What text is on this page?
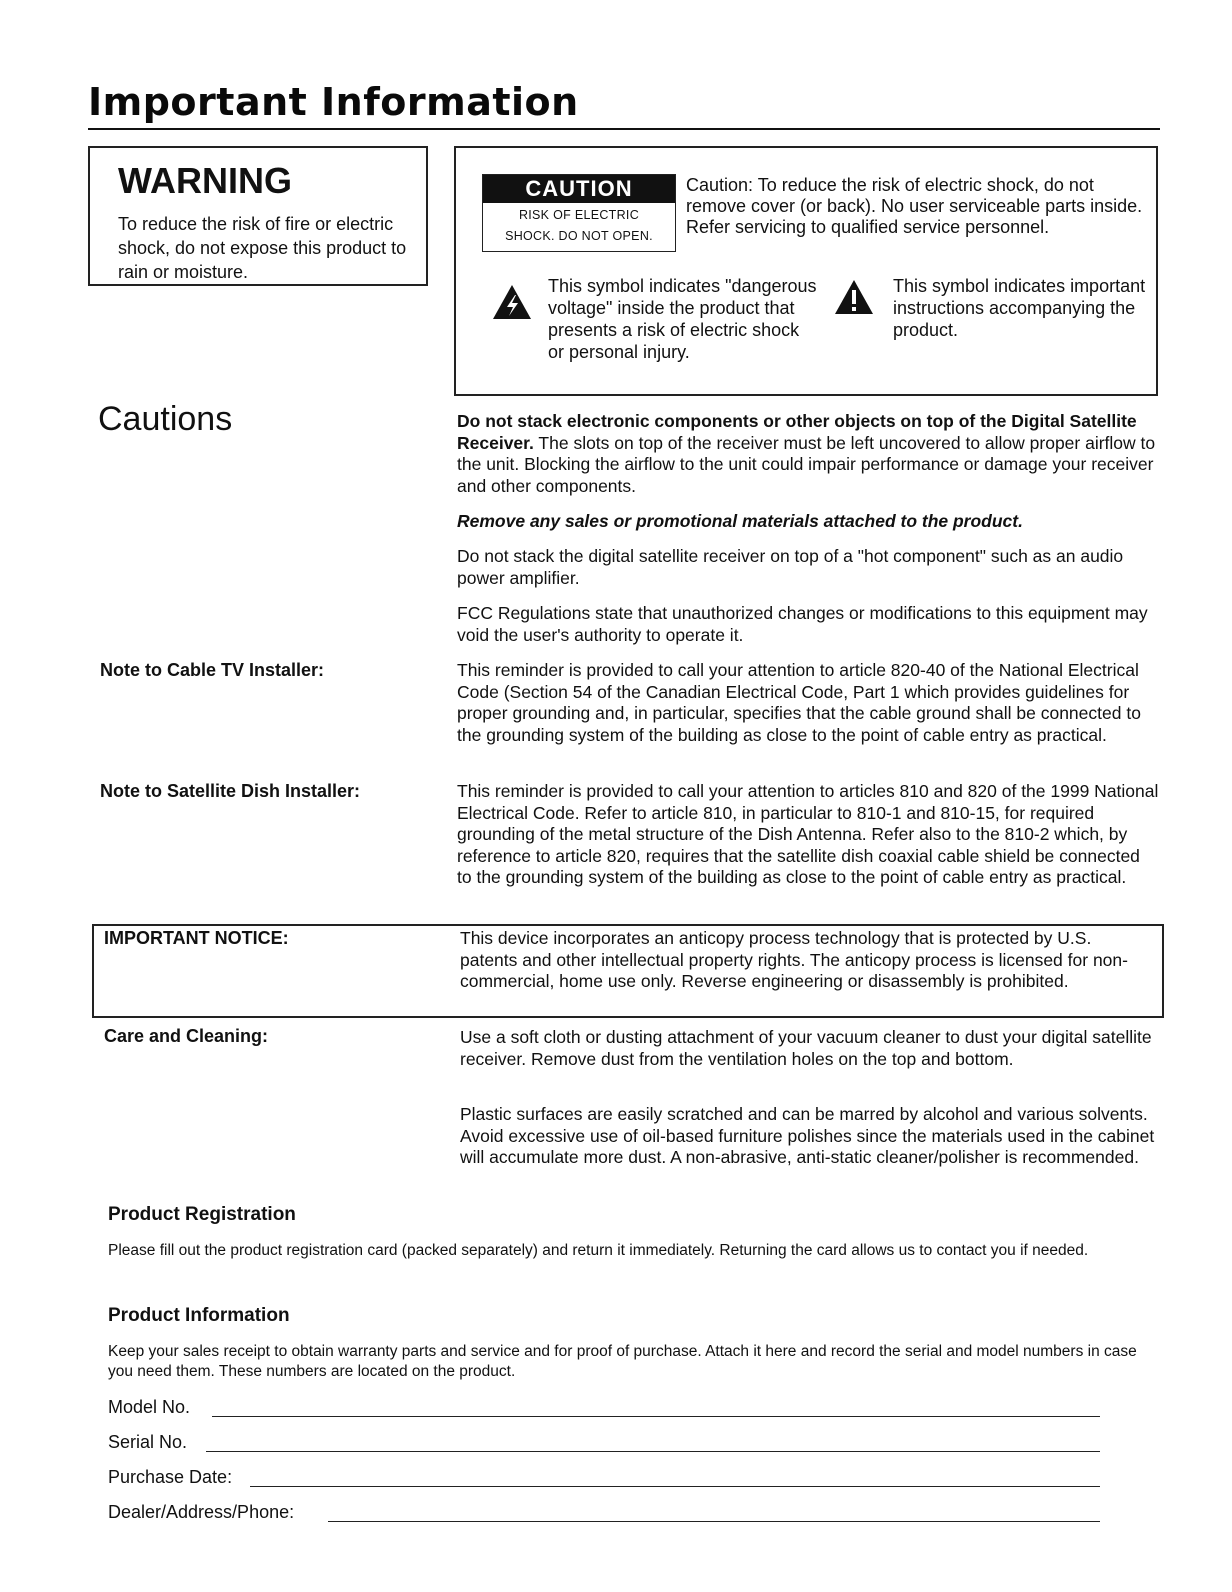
Important Information
WARNING
To reduce the risk of fire or electric shock, do not expose this product to rain or moisture.
CAUTION
RISK OF ELECTRIC
SHOCK. DO NOT OPEN.
Caution: To reduce the risk of electric shock, do not remove cover (or back). No user serviceable parts inside. Refer servicing to qualified service personnel.
This symbol indicates "dangerous voltage" inside the product that presents a risk of electric shock or personal injury.
This symbol indicates important instructions accompanying the product.
Cautions	Do not stack electronic components or other objects on top of the Digital Satellite Receiver. The slots on top of the receiver must be left uncovered to allow proper airflow to the unit. Blocking the airflow to the unit could impair performance or damage your receiver and other components.
Remove any sales or promotional materials attached to the product.
Do not stack the digital satellite receiver on top of a "hot component" such as an audio power amplifier.
FCC Regulations state that unauthorized changes or modifications to this equipment may void the user's authority to operate it.
Note to Cable TV Installer:	This reminder is provided to call your attention to article 820-40 of the National Electrical Code (Section 54 of the Canadian Electrical Code, Part 1 which provides guidelines for proper grounding and, in particular, specifies that the cable ground shall be connected to the grounding system of the building as close to the point of cable entry as practical.
Note to Satellite Dish Installer:	This reminder is provided to call your attention to articles 810 and 820 of the 1999 National Electrical Code. Refer to article 810, in particular to 810-1 and 810-15, for required grounding of the metal structure of the Dish Antenna. Refer also to the 810-2 which, by reference to article 820, requires that the satellite dish coaxial cable shield be connected to the grounding system of the building as close to the point of cable entry as practical.
IMPORTANT NOTICE:	This device incorporates an anticopy process technology that is protected by U.S. patents and other intellectual property rights. The anticopy process is licensed for non-commercial, home use only. Reverse engineering or disassembly is prohibited.
Care and Cleaning:	Use a soft cloth or dusting attachment of your vacuum cleaner to dust your digital satellite receiver. Remove dust from the ventilation holes on the top and bottom.
Plastic surfaces are easily scratched and can be marred by alcohol and various solvents. Avoid excessive use of oil-based furniture polishes since the materials used in the cabinet will accumulate more dust. A non-abrasive, anti-static cleaner/polisher is recommended.
Product Registration
Please fill out the product registration card (packed separately) and return it immediately. Returning the card allows us to contact you if needed.
Product Information
Keep your sales receipt to obtain warranty parts and service and for proof of purchase. Attach it here and record the serial and model numbers in case you need them. These numbers are located on the product.
Model No.
Serial No.
Purchase Date:
Dealer/Address/Phone:
